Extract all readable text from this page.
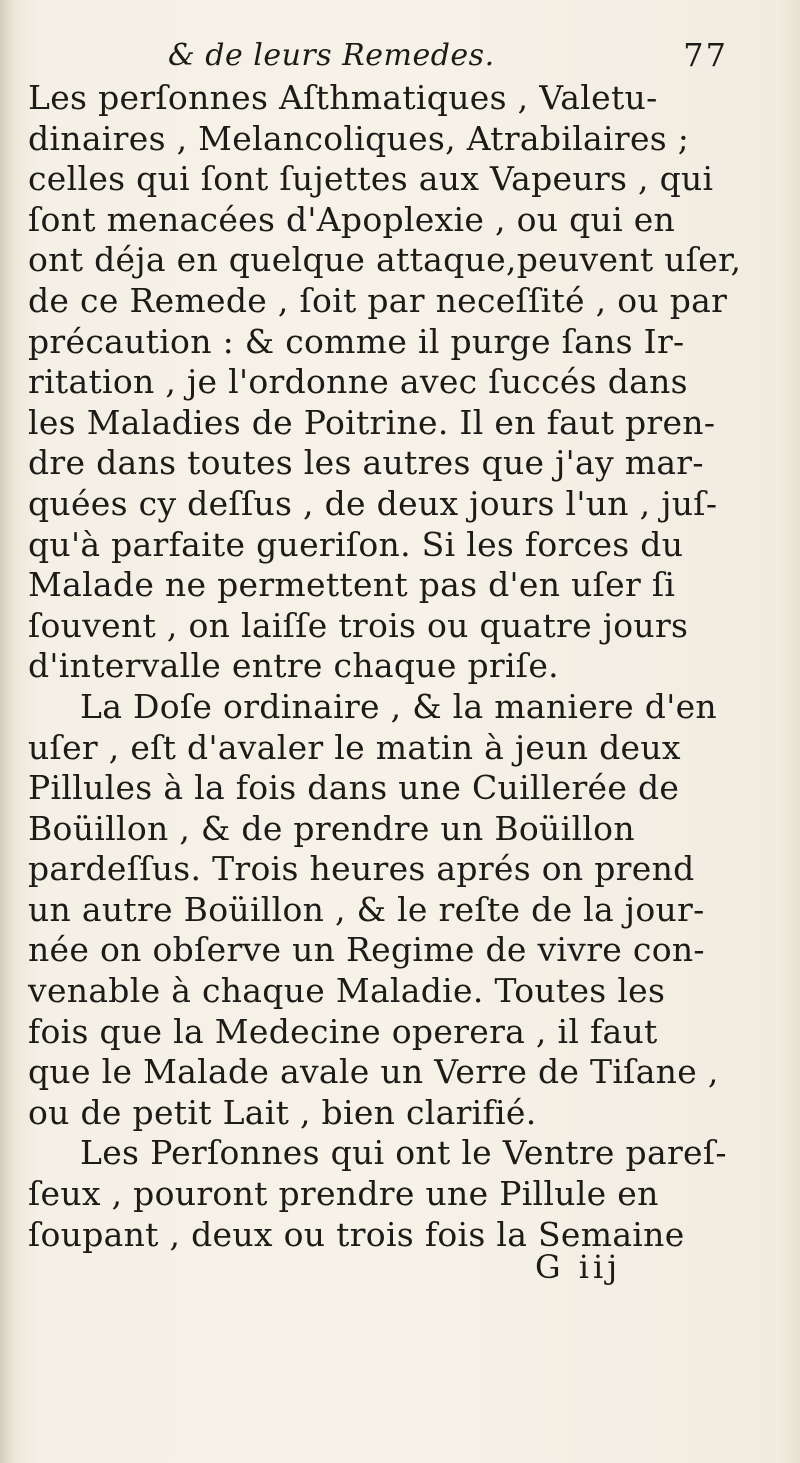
& de leurs Remedes.	77
Les perſonnes Aſthmatiques , Valetu-
dinaires , Melancoliques, Atrabilaires ;
celles qui ſont ſujettes aux Vapeurs , qui
ſont menacées d'Apoplexie , ou qui en
ont déja en quelque attaque,peuvent uſer,
de ce Remede , ſoit par neceſſité , ou par
précaution : & comme il purge ſans Ir-
ritation , je l'ordonne avec ſuccés dans
les Maladies de Poitrine. Il en faut pren-
dre dans toutes les autres que j'ay mar-
quées cy deſſus , de deux jours l'un , juſ-
qu'à parfaite gueriſon. Si les forces du
Malade ne permettent pas d'en uſer ſi
ſouvent , on laiſſe trois ou quatre jours
d'intervalle entre chaque priſe.
La Doſe ordinaire , & la maniere d'en
uſer , eſt d'avaler le matin à jeun deux
Pillules à la fois dans une Cuillerée de
Boüillon , & de prendre un Boüillon
pardeſſus. Trois heures aprés on prend
un autre Boüillon , & le reſte de la jour-
née on obſerve un Regime de vivre con-
venable à chaque Maladie. Toutes les
fois que la Medecine operera , il faut
que le Malade avale un Verre de Tiſane ,
ou de petit Lait , bien clarifié.
Les Perſonnes qui ont le Ventre pareſ-
ſeux , pouront prendre une Pillule en
ſoupant , deux ou trois fois la Semaine
G iij
